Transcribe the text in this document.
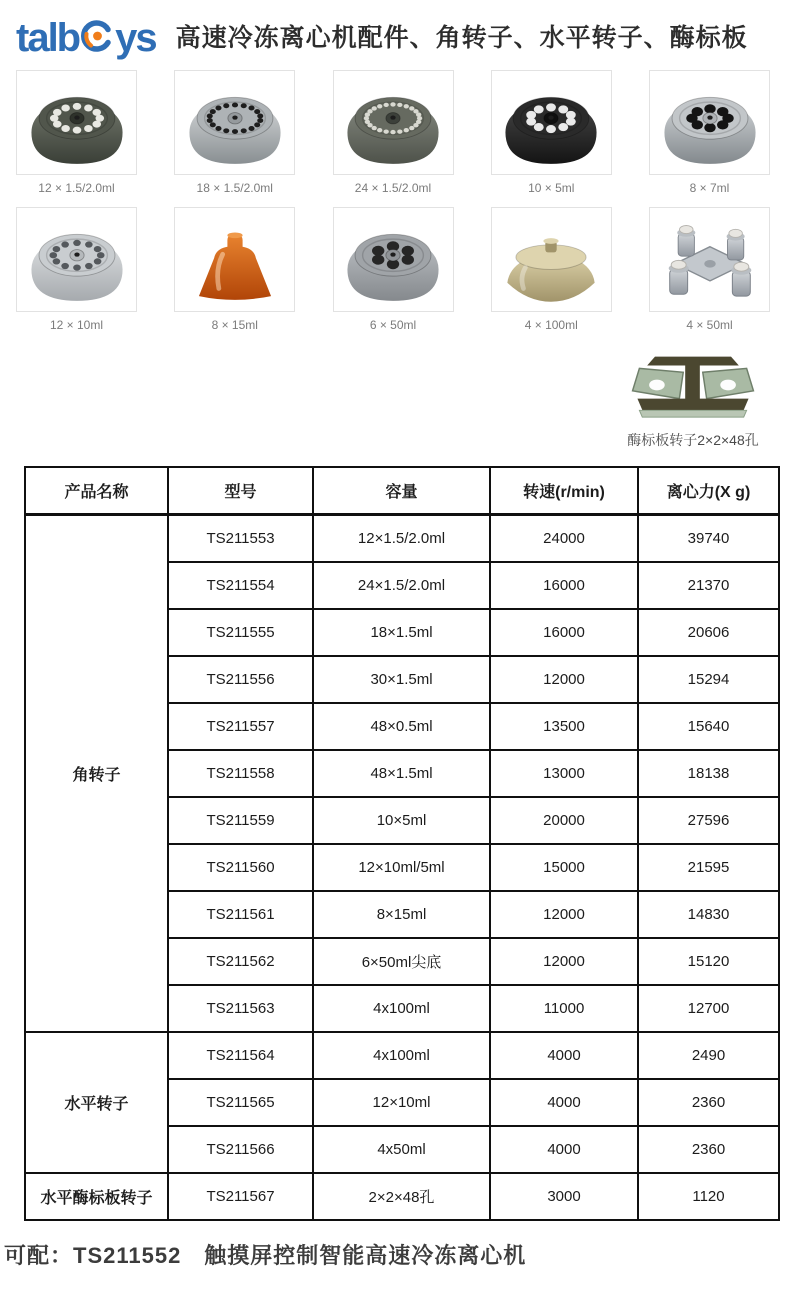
talb ys 高速冷冻离心机配件、角转子、水平转子、酶标板
12 × 1.5/2.0ml	18 × 1.5/2.0ml	24 × 1.5/2.0ml	10 × 5ml	8 × 7ml
12 × 10ml	8 × 15ml	6 × 50ml	4 × 100ml	4 × 50ml
酶标板转子2×2×48孔
产品名称	型号	容量	转速(r/min)	离心力(X g)
角转子	TS211553	12×1.5/2.0ml	24000	39740
	TS211554	24×1.5/2.0ml	16000	21370
	TS211555	18×1.5ml	16000	20606
	TS211556	30×1.5ml	12000	15294
	TS211557	48×0.5ml	13500	15640
	TS211558	48×1.5ml	13000	18138
	TS211559	10×5ml	20000	27596
	TS211560	12×10ml/5ml	15000	21595
	TS211561	8×15ml	12000	14830
	TS211562	6×50ml尖底	12000	15120
	TS211563	4x100ml	11000	12700
水平转子	TS211564	4x100ml	4000	2490
	TS211565	12×10ml	4000	2360
	TS211566	4x50ml	4000	2360
水平酶标板转子	TS211567	2×2×48孔	3000	1120
可配：TS211552　触摸屏控制智能高速冷冻离心机
